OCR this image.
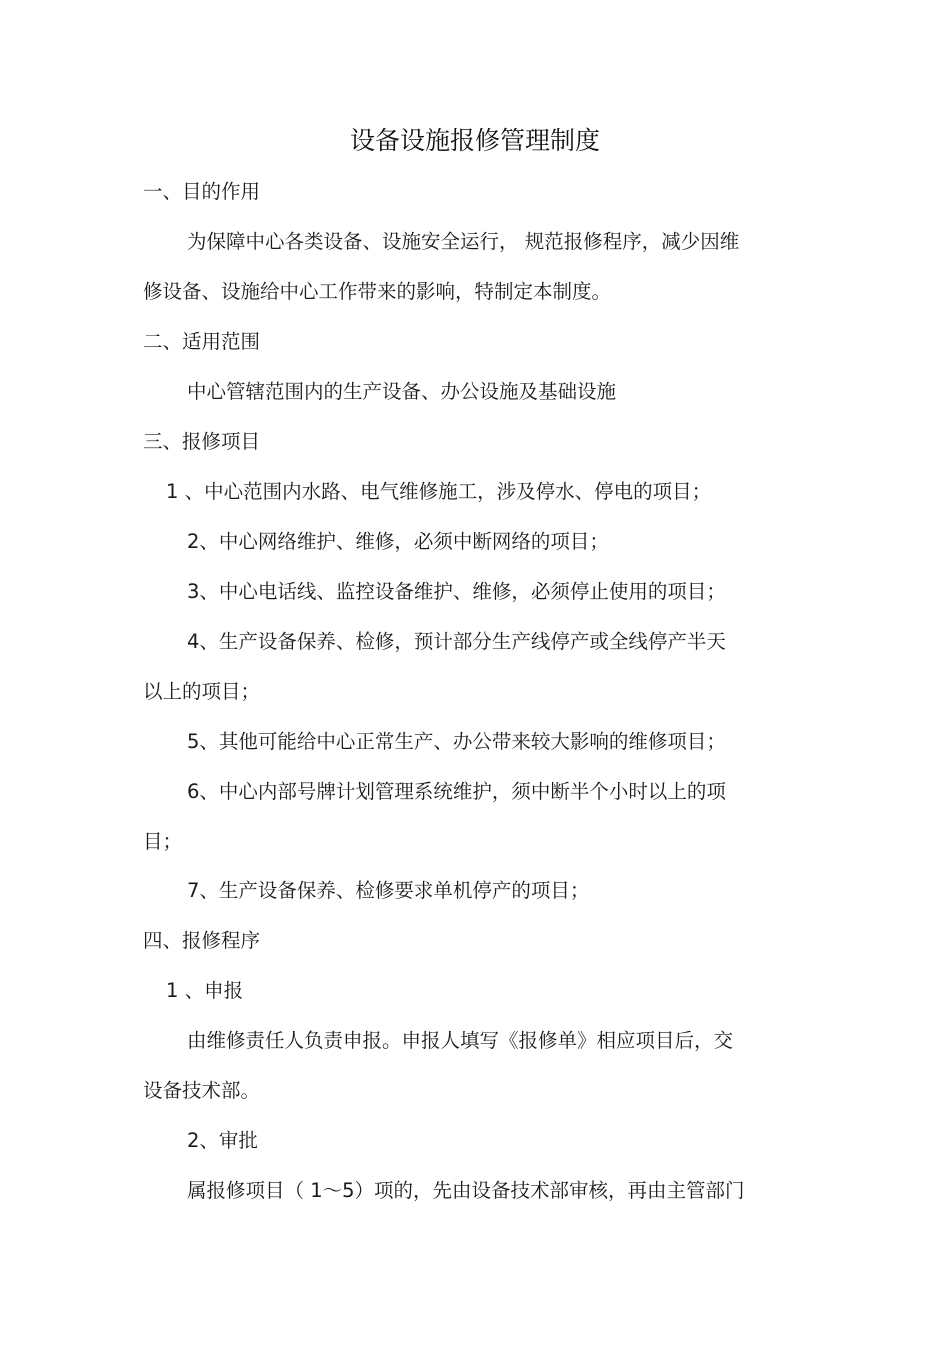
设备设施报修管理制度
一、目的作用
为保障中心各类设备、设施安全运行， 规范报修程序，减少因维
修设备、设施给中心工作带来的影响，特制定本制度。
二、适用范围
中心管辖范围内的生产设备、办公设施及基础设施
三、报修项目
1 、中心范围内水路、电气维修施工，涉及停水、停电的项目；
2、中心网络维护、维修，必须中断网络的项目；
3、中心电话线、监控设备维护、维修，必须停止使用的项目；
4、生产设备保养、检修，预计部分生产线停产或全线停产半天
以上的项目；
5、其他可能给中心正常生产、办公带来较大影响的维修项目；
6、中心内部号牌计划管理系统维护，须中断半个小时以上的项
目；
7、生产设备保养、检修要求单机停产的项目；
四、报修程序
1 、申报
由维修责任人负责申报。申报人填写《报修单》相应项目后，交
设备技术部。
2、审批
属报修项目（ 1～5）项的，先由设备技术部审核，再由主管部门
